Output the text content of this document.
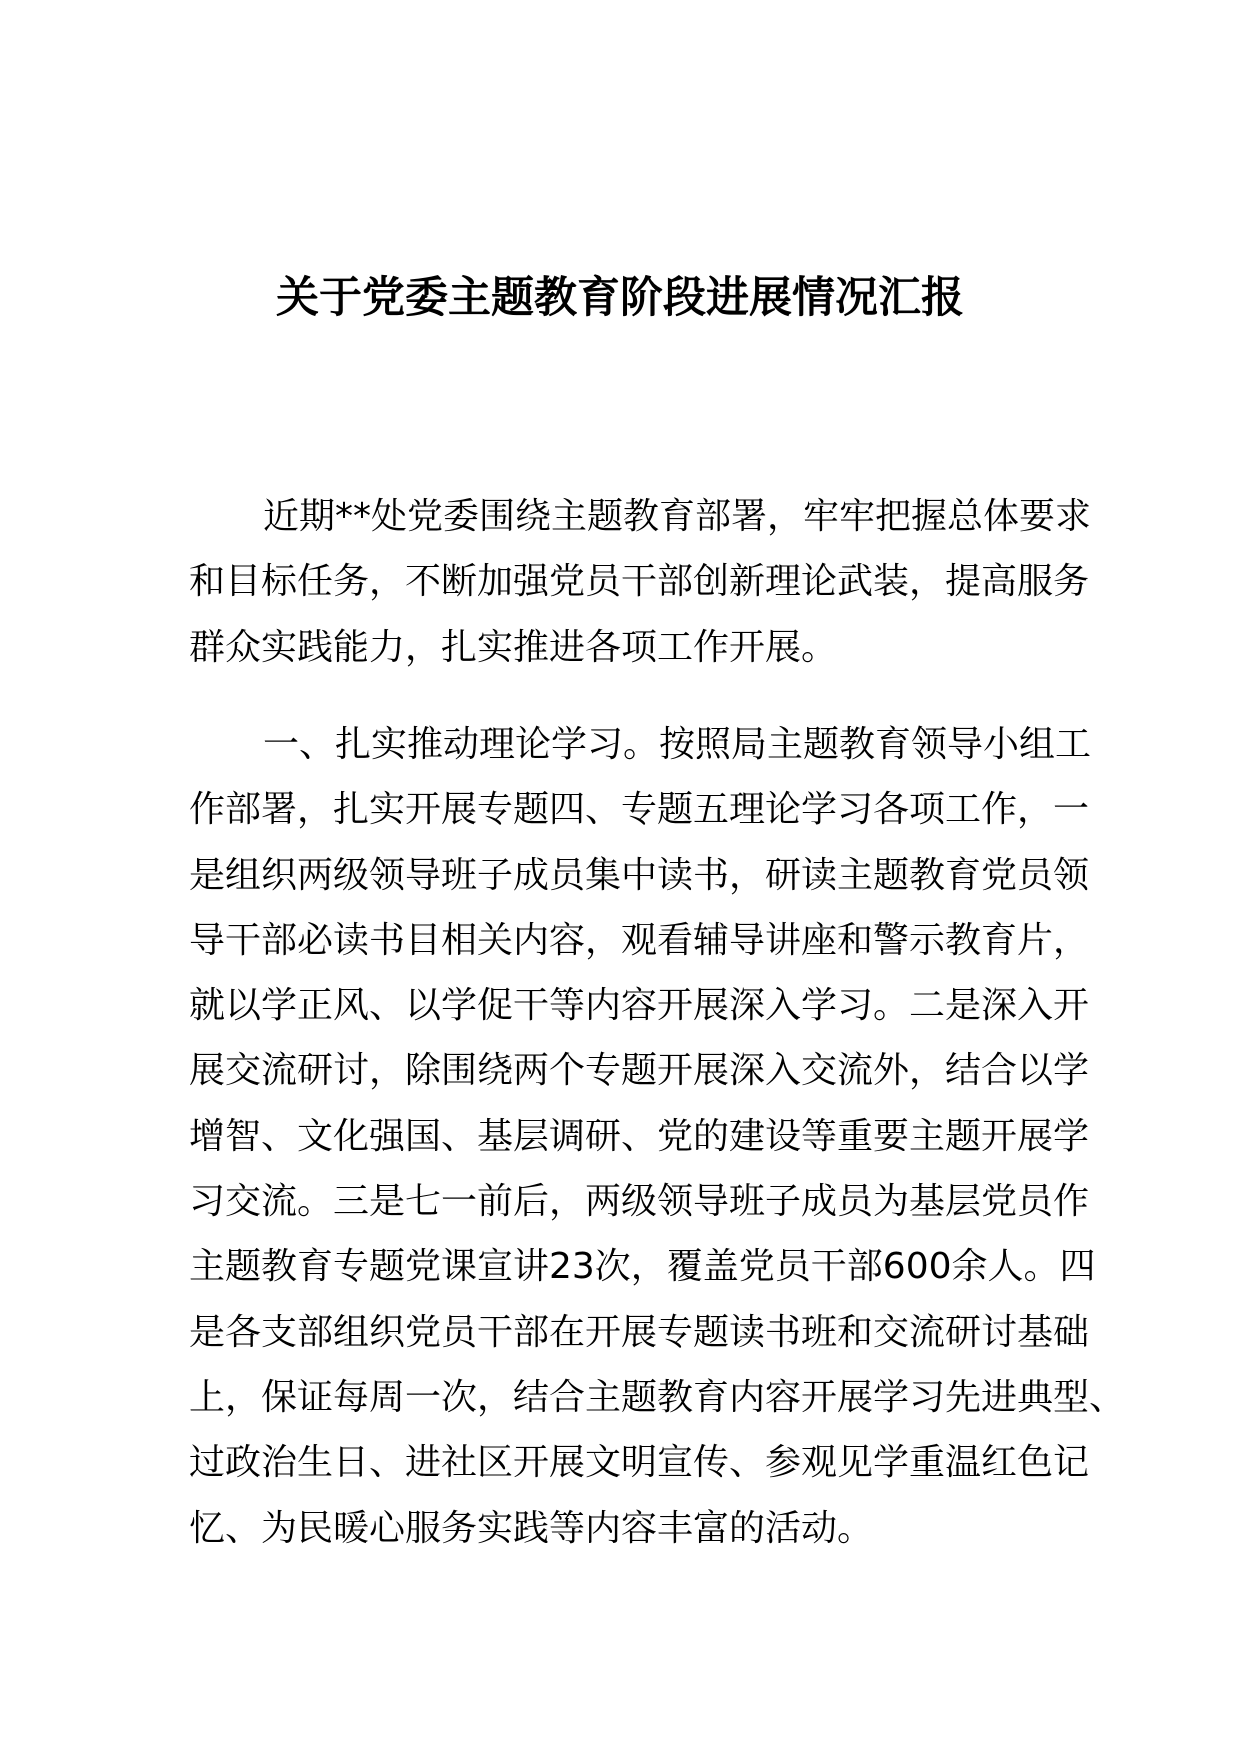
关于党委主题教育阶段进展情况汇报
近期**处党委围绕主题教育部署，牢牢把握总体要求
和目标任务，不断加强党员干部创新理论武装，提高服务
群众实践能力，扎实推进各项工作开展。
一、扎实推动理论学习。按照局主题教育领导小组工
作部署，扎实开展专题四、专题五理论学习各项工作，一
是组织两级领导班子成员集中读书，研读主题教育党员领
导干部必读书目相关内容，观看辅导讲座和警示教育片，
就以学正风、以学促干等内容开展深入学习。二是深入开
展交流研讨，除围绕两个专题开展深入交流外，结合以学
增智、文化强国、基层调研、党的建设等重要主题开展学
习交流。三是七一前后，两级领导班子成员为基层党员作
主题教育专题党课宣讲23次，覆盖党员干部600余人。四
是各支部组织党员干部在开展专题读书班和交流研讨基础
上，保证每周一次，结合主题教育内容开展学习先进典型、
过政治生日、进社区开展文明宣传、参观见学重温红色记
忆、为民暖心服务实践等内容丰富的活动。
